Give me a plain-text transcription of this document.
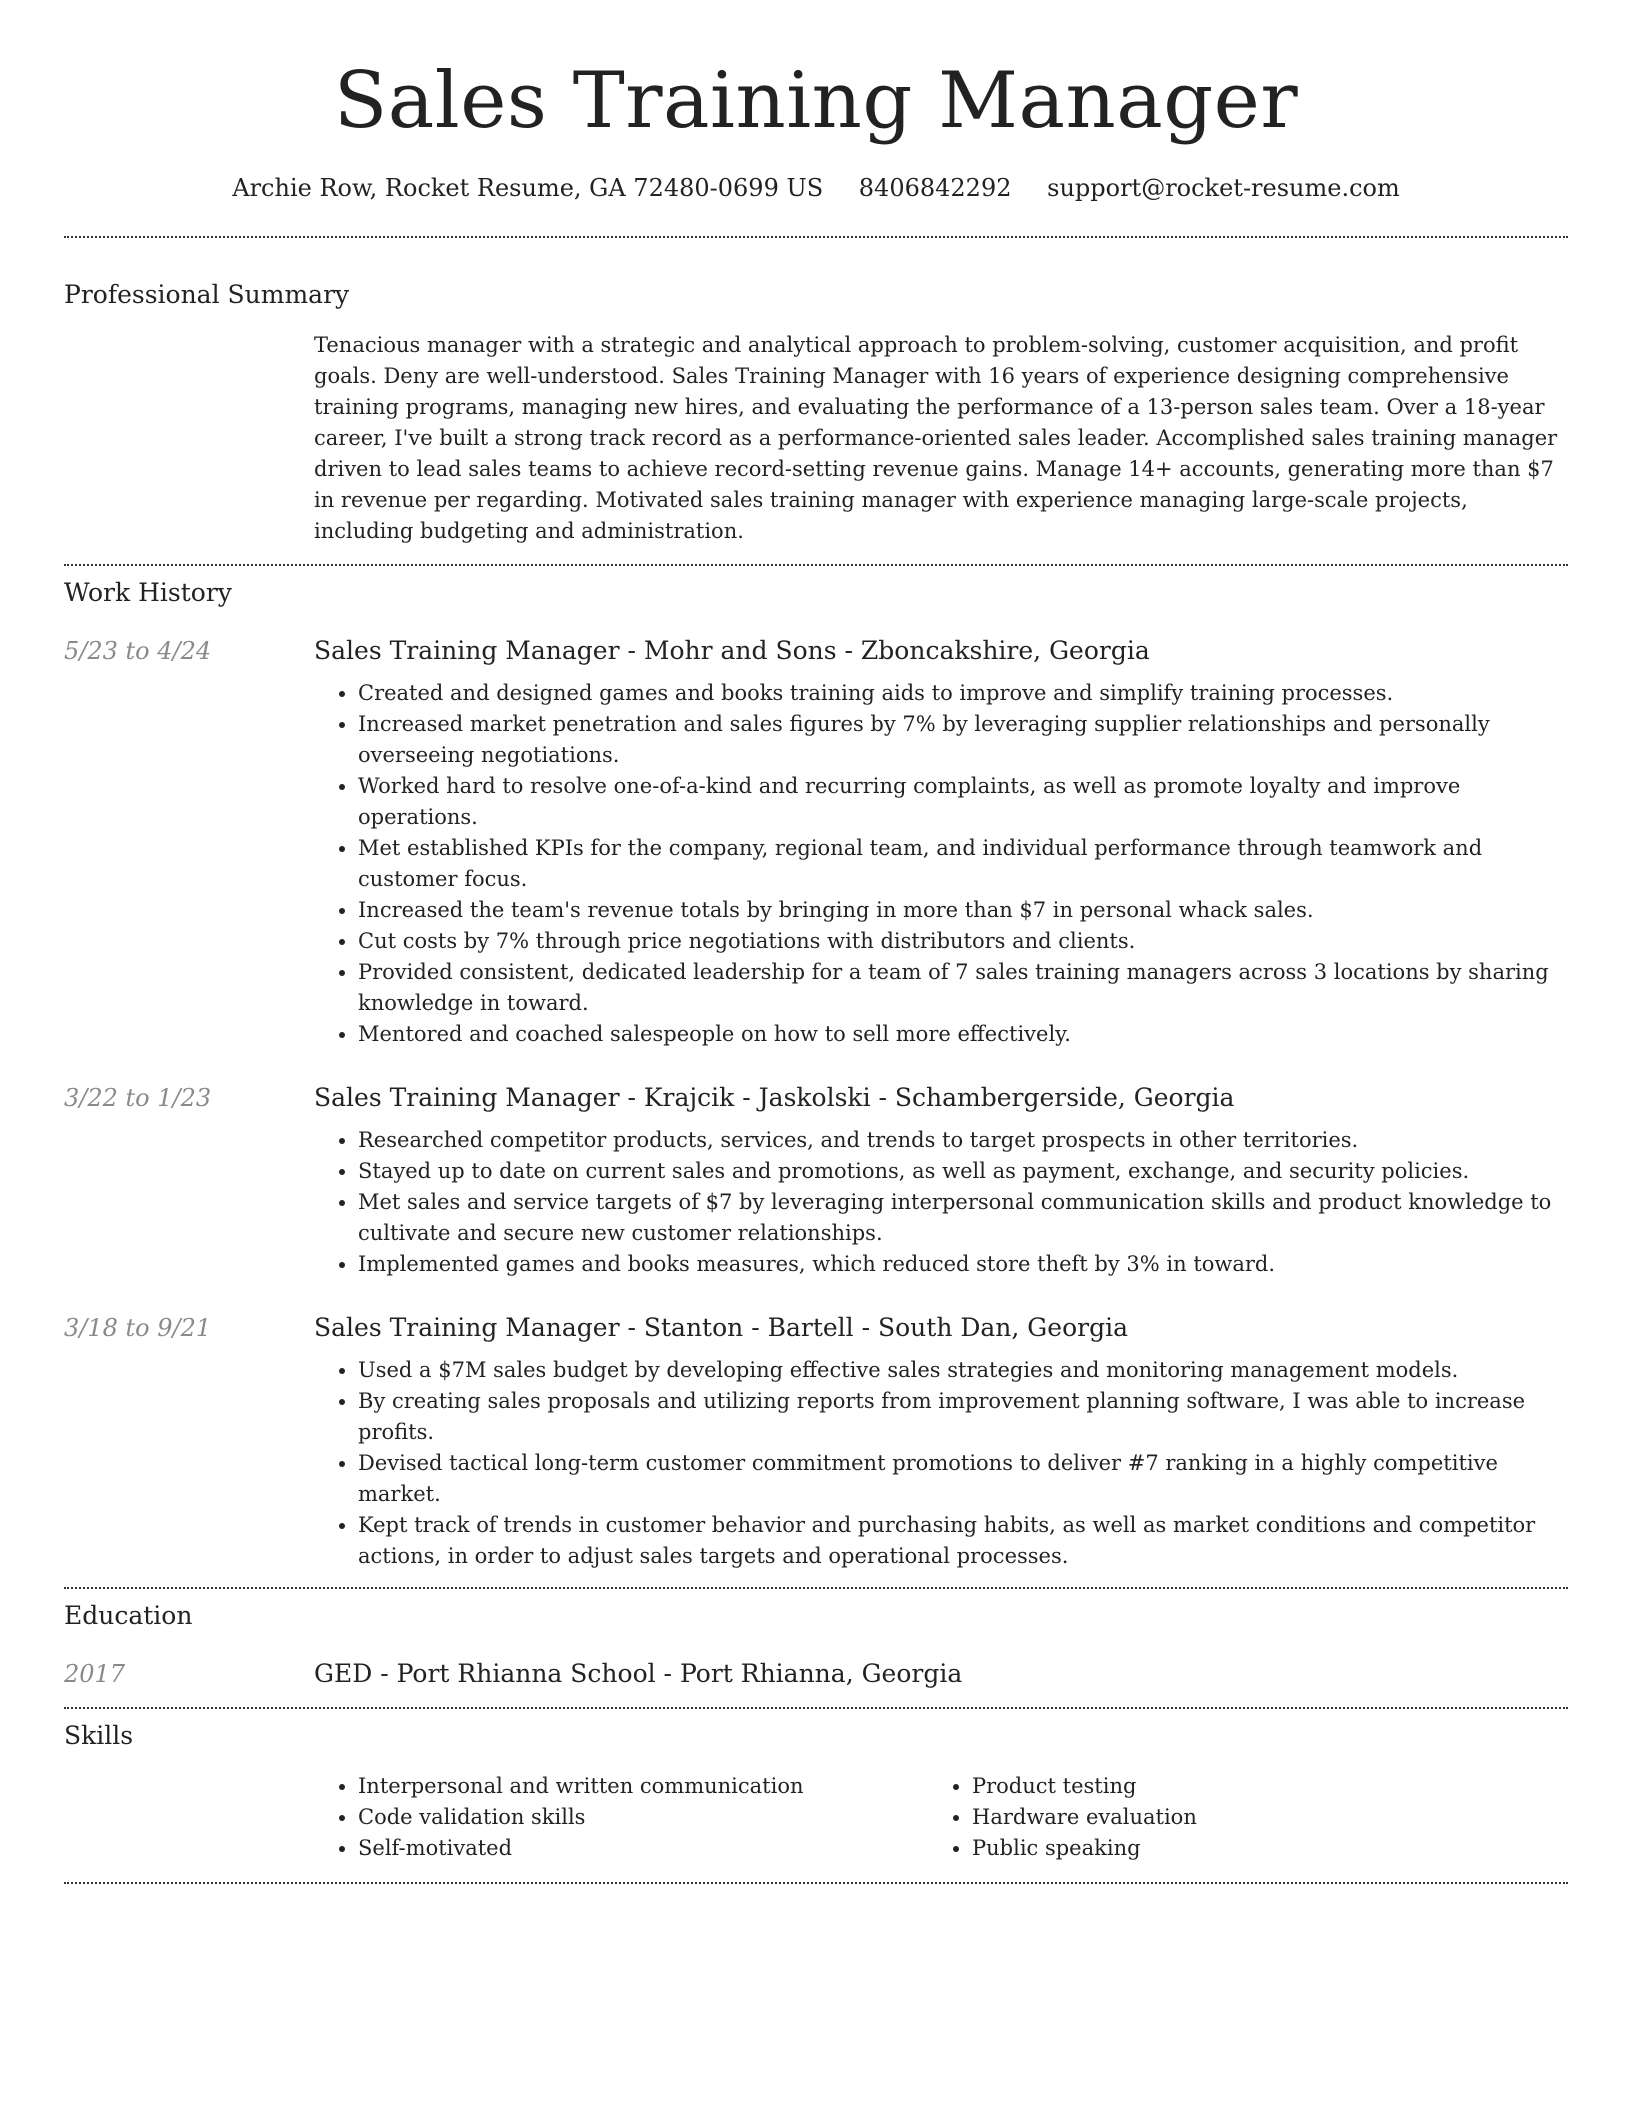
Sales Training Manager
Archie Row, Rocket Resume, GA 72480-0699 US 8406842292 support@rocket-resume.com
Professional Summary
Tenacious manager with a strategic and analytical approach to problem-solving, customer acquisition, and profit goals. Deny are well-understood. Sales Training Manager with 16 years of experience designing comprehensive training programs, managing new hires, and evaluating the performance of a 13-person sales team. Over a 18-year career, I've built a strong track record as a performance-oriented sales leader. Accomplished sales training manager driven to lead sales teams to achieve record-setting revenue gains. Manage 14+ accounts, generating more than $7 in revenue per regarding. Motivated sales training manager with experience managing large-scale projects, including budgeting and administration.
Work History
5/23 to 4/24	Sales Training Manager - Mohr and Sons - Zboncakshire, Georgia
• Created and designed games and books training aids to improve and simplify training processes.
• Increased market penetration and sales figures by 7% by leveraging supplier relationships and personally overseeing negotiations.
• Worked hard to resolve one-of-a-kind and recurring complaints, as well as promote loyalty and improve operations.
• Met established KPIs for the company, regional team, and individual performance through teamwork and customer focus.
• Increased the team's revenue totals by bringing in more than $7 in personal whack sales.
• Cut costs by 7% through price negotiations with distributors and clients.
• Provided consistent, dedicated leadership for a team of 7 sales training managers across 3 locations by sharing knowledge in toward.
• Mentored and coached salespeople on how to sell more effectively.
3/22 to 1/23	Sales Training Manager - Krajcik - Jaskolski - Schambergerside, Georgia
• Researched competitor products, services, and trends to target prospects in other territories.
• Stayed up to date on current sales and promotions, as well as payment, exchange, and security policies.
• Met sales and service targets of $7 by leveraging interpersonal communication skills and product knowledge to cultivate and secure new customer relationships.
• Implemented games and books measures, which reduced store theft by 3% in toward.
3/18 to 9/21	Sales Training Manager - Stanton - Bartell - South Dan, Georgia
• Used a $7M sales budget by developing effective sales strategies and monitoring management models.
• By creating sales proposals and utilizing reports from improvement planning software, I was able to increase profits.
• Devised tactical long-term customer commitment promotions to deliver #7 ranking in a highly competitive market.
• Kept track of trends in customer behavior and purchasing habits, as well as market conditions and competitor actions, in order to adjust sales targets and operational processes.
Education
2017	GED - Port Rhianna School - Port Rhianna, Georgia
Skills
• Interpersonal and written communication
• Code validation skills
• Self-motivated
• Product testing
• Hardware evaluation
• Public speaking
